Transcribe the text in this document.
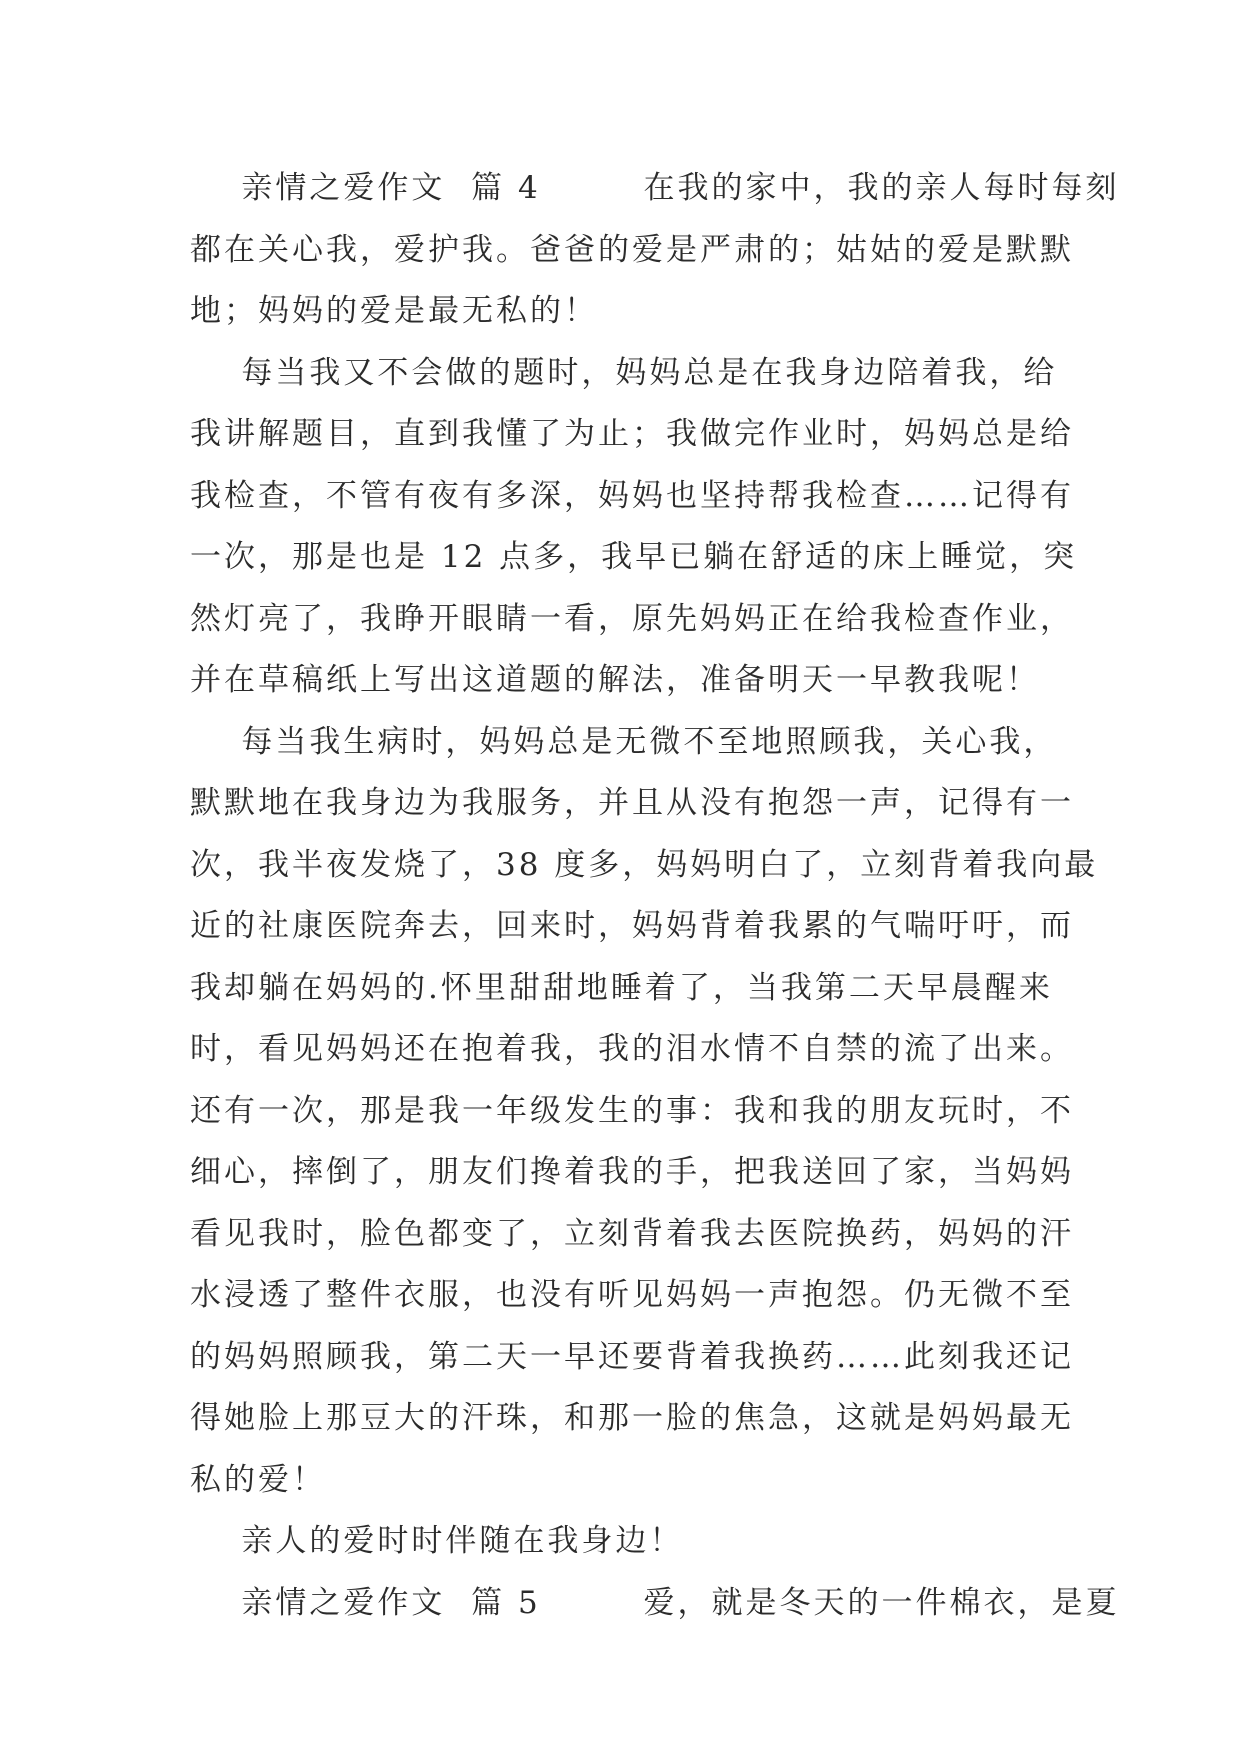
亲情之爱作文  篇 4        在我的家中，我的亲人每时每刻
都在关心我，爱护我。爸爸的爱是严肃的；姑姑的爱是默默
地；妈妈的爱是最无私的！
每当我又不会做的题时，妈妈总是在我身边陪着我，给
我讲解题目，直到我懂了为止；我做完作业时，妈妈总是给
我检查，不管有夜有多深，妈妈也坚持帮我检查……记得有
一次，那是也是 12 点多，我早已躺在舒适的床上睡觉，突
然灯亮了，我睁开眼睛一看，原先妈妈正在给我检查作业，
并在草稿纸上写出这道题的解法，准备明天一早教我呢！
每当我生病时，妈妈总是无微不至地照顾我，关心我，
默默地在我身边为我服务，并且从没有抱怨一声，记得有一
次，我半夜发烧了，38 度多，妈妈明白了，立刻背着我向最
近的社康医院奔去，回来时，妈妈背着我累的气喘吁吁，而
我却躺在妈妈的.怀里甜甜地睡着了，当我第二天早晨醒来
时，看见妈妈还在抱着我，我的泪水情不自禁的流了出来。
还有一次，那是我一年级发生的事：我和我的朋友玩时，不
细心，摔倒了，朋友们搀着我的手，把我送回了家，当妈妈
看见我时，脸色都变了，立刻背着我去医院换药，妈妈的汗
水浸透了整件衣服，也没有听见妈妈一声抱怨。仍无微不至
的妈妈照顾我，第二天一早还要背着我换药……此刻我还记
得她脸上那豆大的汗珠，和那一脸的焦急，这就是妈妈最无
私的爱！
亲人的爱时时伴随在我身边！
亲情之爱作文  篇 5        爱，就是冬天的一件棉衣，是夏
